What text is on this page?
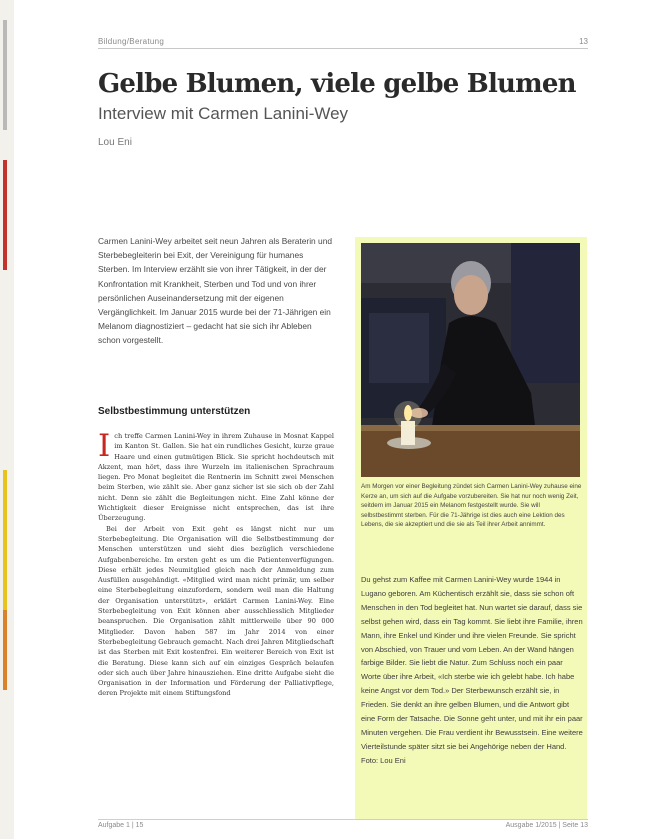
Bildung/Beratung	13
Gelbe Blumen, viele gelbe Blumen
Interview mit Carmen Lanini-Wey
Lou Eni

Carmen Lanini-Wey arbeitet seit neun Jahren als Beraterin und Sterbebegleiterin bei Exit, der Vereinigung für humanes Sterben. Im Interview erzählt sie von ihrer Tätigkeit, in der der Konfrontation mit Krankheit, Sterben und Tod und von ihrer persönlichen Auseinandersetzung mit der eigenen Vergänglichkeit. Im Januar 2015 wurde bei der 71-Jährigen ein Melanom diagnostiziert – gedacht hat sie sich ihr Ableben schon vorgestellt.

Selbstbestimmung unterstützen

Ich treffe Carmen Lanini-Wey in ihrem Zuhause in Mosnat Kappel im Kanton St. Gallen. Sie hat ein rundliches Gesicht, kurze graue Haare und einen gutmütigen Blick. Sie spricht hochdeutsch mit Akzent, man hört, dass ihre Wurzeln im italienischen Sprachraum liegen. Pro Monat begleitet die Rentnerin im Schnitt zwei Menschen beim Sterben, wie zählt sie. Aber ganz sicher ist sie sich ob der Zahl nicht. Denn sie zählt die Begleitungen nicht. Eine Zahl könne der Wichtigkeit dieser Ereignisse nicht entsprechen, das ist ihre Überzeugung.

Bei der Arbeit von Exit geht es längst nicht nur um Sterbebegleitung. Die Organisation will die Selbstbestimmung der Menschen unterstützen und sieht dies bezüglich verschiedene Aufgabenbereiche. Im ersten geht es um die Patientenverfügungen. Diese erhält jedes Neumitglied gleich nach der Anmeldung zum Ausfüllen ausgehändigt. «Mitglied wird man nicht primär, um selber eine Sterbebegleitung einzufordern, sondern weil man die Haltung der Organisation unterstützt», erklärt Carmen Lanini-Wey. Eine Sterbebegleitung von Exit können aber ausschliesslich Mitglieder beanspruchen. Die Organisation zählt mittlerweile über 90 000 Mitglieder. Davon haben 587 im Jahr 2014 von einer Sterbebegleitung Gebrauch gemacht. Nach drei Jahren Mitgliedschaft ist das Sterben mit Exit kostenfrei. Ein weiterer Bereich von Exit ist die Beratung. Diese kann sich auf ein einziges Gespräch belaufen oder sich auch über Jahre hinausziehen. Eine dritte Aufgabe sieht die Organisation in der Information und Förderung der Palliativpflege, deren Projekte mit einem Stiftungsfond

Am Morgen vor einer Begleitung zündet sich Carmen Lanini-Wey zuhause eine Kerze an, um sich auf die Aufgabe vorzubereiten. Sie hat nur noch wenig Zeit, seitdem im Januar 2015 ein Melanom festgestellt wurde. Sie will selbstbestimmt sterben. Für die 71-Jährige ist dies auch eine Lektion des Lebens, die sie akzeptiert und die sie als Teil ihrer Arbeit annimmt.

Du gehst zum Kaffee mit Carmen Lanini-Wey wurde 1944 in Lugano geboren. Am Küchentisch erzählt sie, dass sie schon oft Menschen in den Tod begleitet hat. Nun wartet sie darauf, dass sie selbst gehen wird, dass ein Tag kommt. Sie liebt ihre Familie, ihren Mann, ihre Enkel und Kinder und ihre vielen Freunde. Sie spricht von Abschied, von Trauer und vom Leben. An der Wand hängen farbige Bilder. Sie liebt die Natur. Zum Schluss noch ein paar Worte über ihre Arbeit, «Ich sterbe wie ich gelebt habe. Ich habe keine Angst vor dem Tod.» Der Sterbewunsch erzählt sie, in Frieden. Sie denkt an ihre gelben Blumen, und die Antwort gibt eine Form der Tatsache. Die Sonne geht unter, und mit ihr ein paar Minuten vergehen. Die Frau verdient ihr Bewusstsein. Eine weitere Vierteilstunde später sitzt sie bei Angehörige neben der Hand. Foto: Lou Eni

Aufgabe 1 | 15	Ausgabe 1/2015 | Seite 13
